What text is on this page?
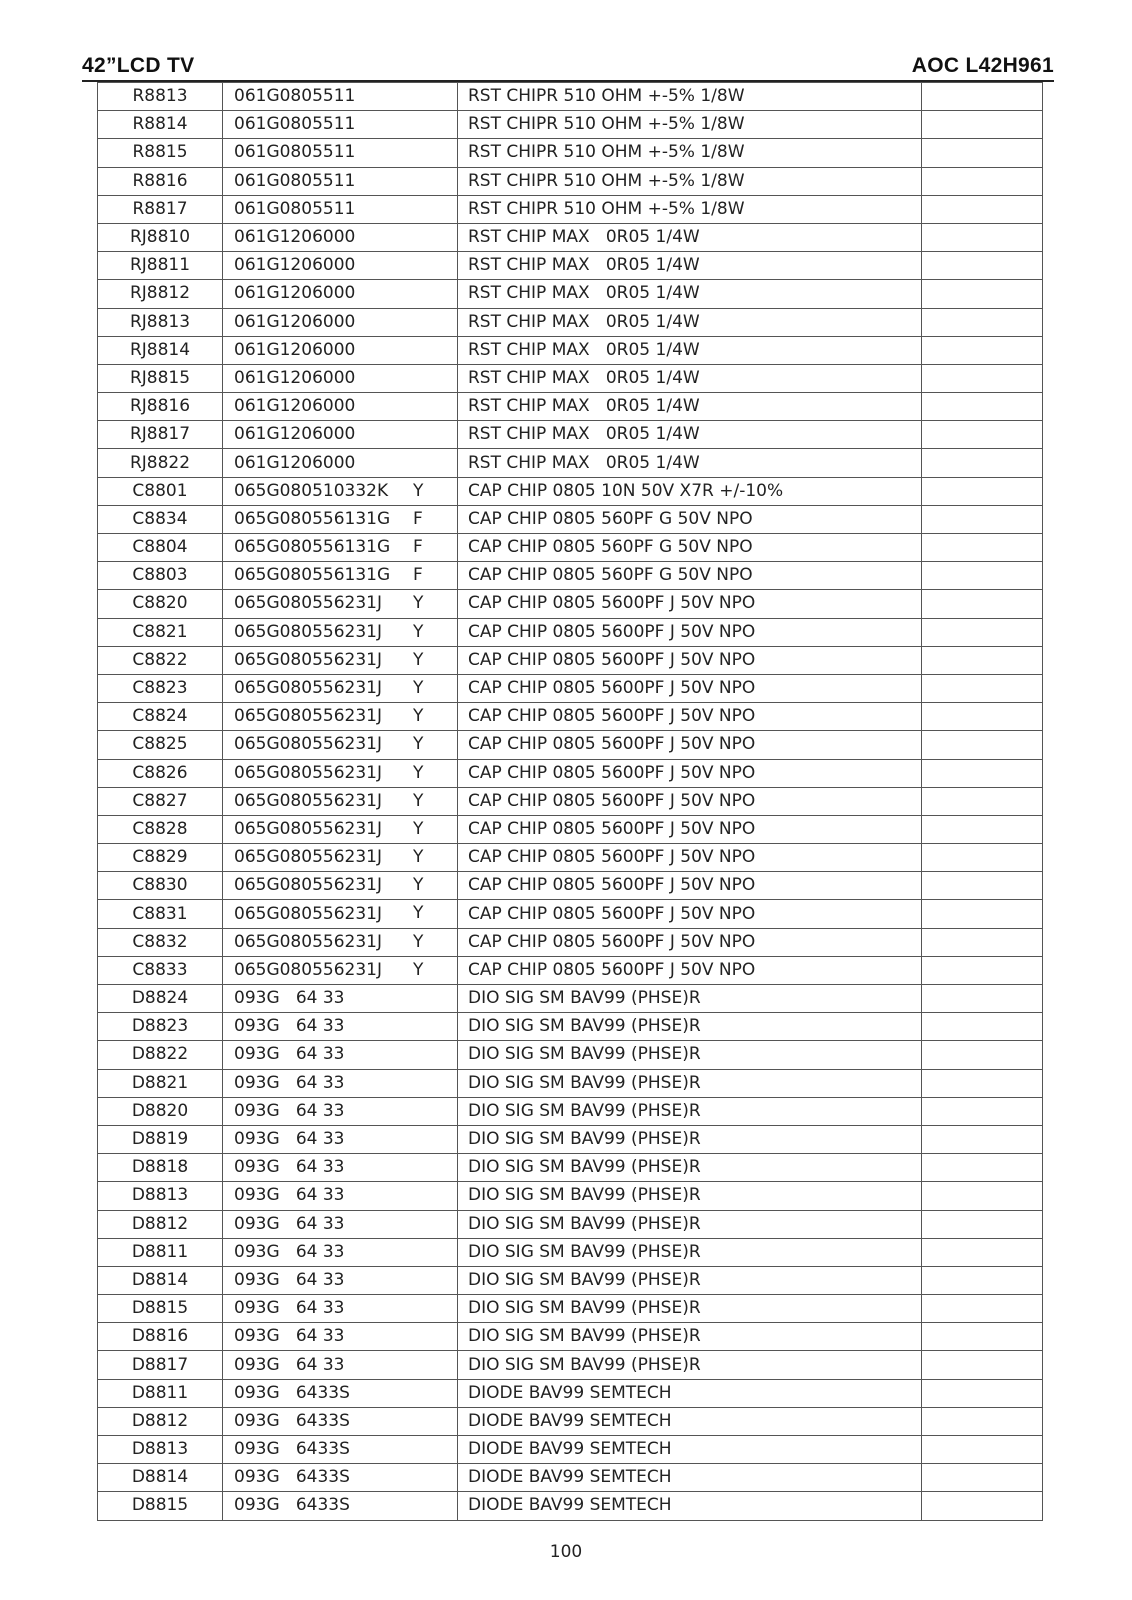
42”LCD TV	AOC L42H961
R8813	061G0805511	RST CHIPR 510 OHM +-5% 1/8W	
R8814	061G0805511	RST CHIPR 510 OHM +-5% 1/8W	
R8815	061G0805511	RST CHIPR 510 OHM +-5% 1/8W	
R8816	061G0805511	RST CHIPR 510 OHM +-5% 1/8W	
R8817	061G0805511	RST CHIPR 510 OHM +-5% 1/8W	
RJ8810	061G1206000	RST CHIP MAX   0R05 1/4W	
RJ8811	061G1206000	RST CHIP MAX   0R05 1/4W	
RJ8812	061G1206000	RST CHIP MAX   0R05 1/4W	
RJ8813	061G1206000	RST CHIP MAX   0R05 1/4W	
RJ8814	061G1206000	RST CHIP MAX   0R05 1/4W	
RJ8815	061G1206000	RST CHIP MAX   0R05 1/4W	
RJ8816	061G1206000	RST CHIP MAX   0R05 1/4W	
RJ8817	061G1206000	RST CHIP MAX   0R05 1/4W	
RJ8822	061G1206000	RST CHIP MAX   0R05 1/4W	
C8801	065G080510332K Y	CAP CHIP 0805 10N 50V X7R +/-10%	
C8834	065G080556131G F	CAP CHIP 0805 560PF G 50V NPO	
C8804	065G080556131G F	CAP CHIP 0805 560PF G 50V NPO	
C8803	065G080556131G F	CAP CHIP 0805 560PF G 50V NPO	
C8820	065G080556231J Y	CAP CHIP 0805 5600PF J 50V NPO	
C8821	065G080556231J Y	CAP CHIP 0805 5600PF J 50V NPO	
C8822	065G080556231J Y	CAP CHIP 0805 5600PF J 50V NPO	
C8823	065G080556231J Y	CAP CHIP 0805 5600PF J 50V NPO	
C8824	065G080556231J Y	CAP CHIP 0805 5600PF J 50V NPO	
C8825	065G080556231J Y	CAP CHIP 0805 5600PF J 50V NPO	
C8826	065G080556231J Y	CAP CHIP 0805 5600PF J 50V NPO	
C8827	065G080556231J Y	CAP CHIP 0805 5600PF J 50V NPO	
C8828	065G080556231J Y	CAP CHIP 0805 5600PF J 50V NPO	
C8829	065G080556231J Y	CAP CHIP 0805 5600PF J 50V NPO	
C8830	065G080556231J Y	CAP CHIP 0805 5600PF J 50V NPO	
C8831	065G080556231J Y	CAP CHIP 0805 5600PF J 50V NPO	
C8832	065G080556231J Y	CAP CHIP 0805 5600PF J 50V NPO	
C8833	065G080556231J Y	CAP CHIP 0805 5600PF J 50V NPO	
D8824	093G   64 33	DIO SIG SM BAV99 (PHSE)R	
D8823	093G   64 33	DIO SIG SM BAV99 (PHSE)R	
D8822	093G   64 33	DIO SIG SM BAV99 (PHSE)R	
D8821	093G   64 33	DIO SIG SM BAV99 (PHSE)R	
D8820	093G   64 33	DIO SIG SM BAV99 (PHSE)R	
D8819	093G   64 33	DIO SIG SM BAV99 (PHSE)R	
D8818	093G   64 33	DIO SIG SM BAV99 (PHSE)R	
D8813	093G   64 33	DIO SIG SM BAV99 (PHSE)R	
D8812	093G   64 33	DIO SIG SM BAV99 (PHSE)R	
D8811	093G   64 33	DIO SIG SM BAV99 (PHSE)R	
D8814	093G   64 33	DIO SIG SM BAV99 (PHSE)R	
D8815	093G   64 33	DIO SIG SM BAV99 (PHSE)R	
D8816	093G   64 33	DIO SIG SM BAV99 (PHSE)R	
D8817	093G   64 33	DIO SIG SM BAV99 (PHSE)R	
D8811	093G   6433S	DIODE BAV99 SEMTECH	
D8812	093G   6433S	DIODE BAV99 SEMTECH	
D8813	093G   6433S	DIODE BAV99 SEMTECH	
D8814	093G   6433S	DIODE BAV99 SEMTECH	
D8815	093G   6433S	DIODE BAV99 SEMTECH	
100
